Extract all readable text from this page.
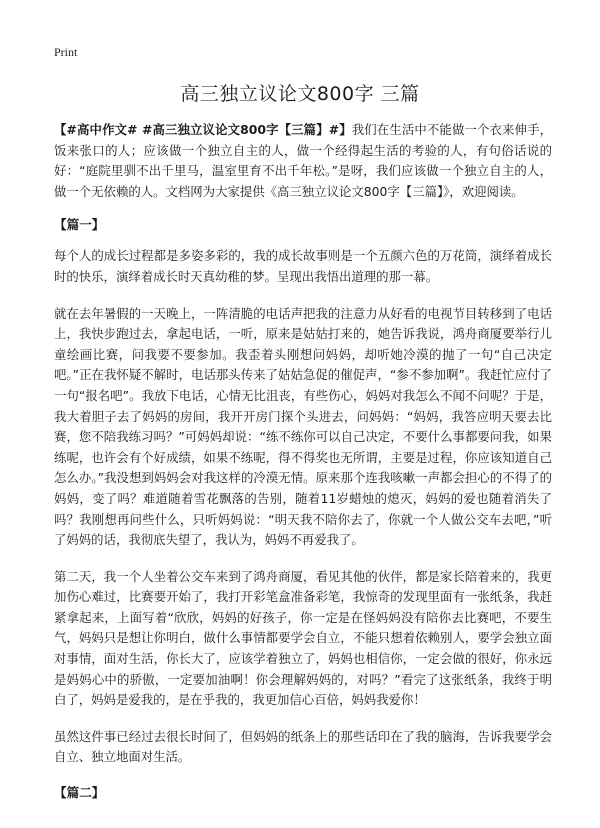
Print
高三独立议论文800字 三篇

【#高中作文# #高三独立议论文800字【三篇】#】我们在生活中不能做一个衣来伸手，饭来张口的人；应该做一个独立自主的人，做一个经得起生活的考验的人，有句俗话说的好：“庭院里驯不出千里马，温室里育不出千年松。”是呀，我们应该做一个独立自主的人，做一个无依赖的人。文档网为大家提供《高三独立议论文800字【三篇】》，欢迎阅读。

【篇一】

每个人的成长过程都是多姿多彩的，我的成长故事则是一个五颜六色的万花筒，演绎着成长时的快乐，演绎着成长时天真幼稚的梦。呈现出我悟出道理的那一幕。

就在去年暑假的一天晚上，一阵清脆的电话声把我的注意力从好看的电视节目转移到了电话上，我快步跑过去，拿起电话，一听，原来是姑姑打来的，她告诉我说，鸿舟商厦要举行儿童绘画比赛，问我要不要参加。我歪着头刚想问妈妈，却听她冷漠的抛了一句“自己决定吧。”正在我怀疑不解时，电话那头传来了姑姑急促的催促声，“参不参加啊”。我赶忙应付了一句“报名吧”。我放下电话，心情无比沮丧，有些伤心，妈妈对我怎么不闻不问呢？于是，我大着胆子去了妈妈的房间，我开开房门探个头进去，问妈妈：“妈妈，我答应明天要去比赛，您不陪我练习吗？”可妈妈却说：“练不练你可以自己决定，不要什么事都要问我，如果练呢，也许会有个好成绩，如果不练呢，得不得奖也无所谓，主要是过程，你应该知道自己怎么办。”我没想到妈妈会对我这样的冷漠无情。原来那个连我咳嗽一声都会担心的不得了的妈妈，变了吗？难道随着雪花飘落的告别，随着11岁蜡烛的熄灭，妈妈的爱也随着消失了吗？我刚想再问些什么，只听妈妈说：“明天我不陪你去了，你就一个人做公交车去吧，”听了妈妈的话，我彻底失望了，我认为，妈妈不再爱我了。

第二天，我一个人坐着公交车来到了鸿舟商厦，看见其他的伙伴，都是家长陪着来的，我更加伤心难过，比赛要开始了，我打开彩笔盒准备彩笔，我惊奇的发现里面有一张纸条，我赶紧拿起来，上面写着“欣欣，妈妈的好孩子，你一定是在怪妈妈没有陪你去比赛吧，不要生气，妈妈只是想让你明白，做什么事情都要学会自立，不能只想着依赖别人，要学会独立面对事情，面对生活，你长大了，应该学着独立了，妈妈也相信你，一定会做的很好，你永远是妈妈心中的骄傲，一定要加油啊！你会理解妈妈的，对吗？”看完了这张纸条，我终于明白了，妈妈是爱我的，是在乎我的，我更加信心百倍，妈妈我爱你！

虽然这件事已经过去很长时间了，但妈妈的纸条上的那些话印在了我的脑海，告诉我要学会自立、独立地面对生活。

【篇二】
